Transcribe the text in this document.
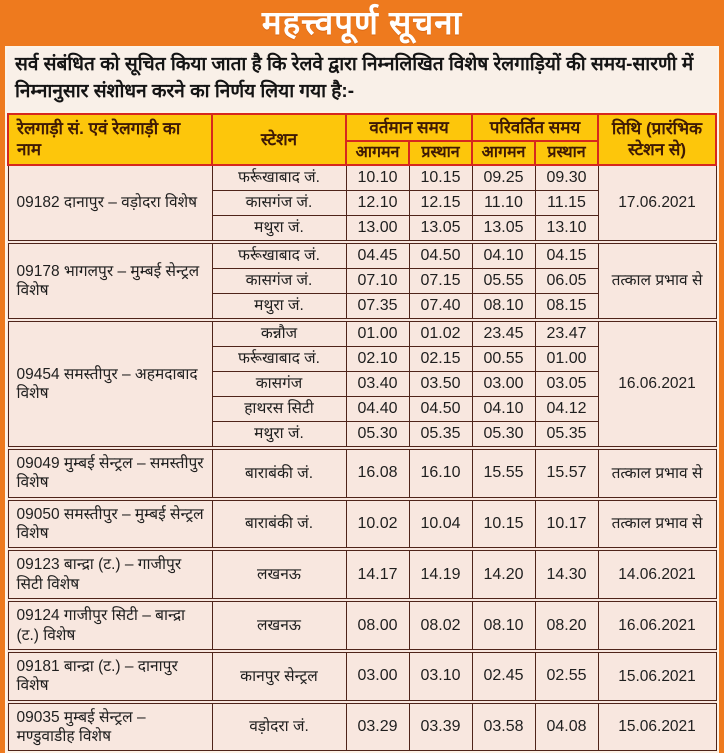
महत्त्वपूर्ण सूचना
सर्व संबंधित को सूचित किया जाता है कि रेलवे द्वारा निम्नलिखित विशेष रेलगाड़ियों की समय-सारणी में निम्नानुसार संशोधन करने का निर्णय लिया गया है:-
रेलगाड़ी सं. एवं रेलगाड़ी का नाम	स्टेशन	वर्तमान समय		परिवर्तित समय		तिथि (प्रारंभिक स्टेशन से)
		आगमन	प्रस्थान	आगमन	प्रस्थान	
09182 दानापुर – वड़ोदरा विशेष	फर्रूखाबाद जं.	10.10	10.15	09.25	09.30	17.06.2021
	कासगंज जं.	12.10	12.15	11.10	11.15	
	मथुरा जं.	13.00	13.05	13.05	13.10	
09178 भागलपुर – मुम्बई सेन्ट्रल विशेष	फर्रूखाबाद जं.	04.45	04.50	04.10	04.15	तत्काल प्रभाव से
	कासगंज जं.	07.10	07.15	05.55	06.05	
	मथुरा जं.	07.35	07.40	08.10	08.15	
09454 समस्तीपुर – अहमदाबाद विशेष	कन्नौज	01.00	01.02	23.45	23.47	16.06.2021
	फर्रूखाबाद जं.	02.10	02.15	00.55	01.00	
	कासगंज	03.40	03.50	03.00	03.05	
	हाथरस सिटी	04.40	04.50	04.10	04.12	
	मथुरा जं.	05.30	05.35	05.30	05.35	
09049 मुम्बई सेन्ट्रल – समस्तीपुर विशेष	बाराबंकी जं.	16.08	16.10	15.55	15.57	तत्काल प्रभाव से
09050 समस्तीपुर – मुम्बई सेन्ट्रल विशेष	बाराबंकी जं.	10.02	10.04	10.15	10.17	तत्काल प्रभाव से
09123 बान्द्रा (ट.) – गाजीपुर सिटी विशेष	लखनऊ	14.17	14.19	14.20	14.30	14.06.2021
09124 गाजीपुर सिटी – बान्द्रा (ट.) विशेष	लखनऊ	08.00	08.02	08.10	08.20	16.06.2021
09181 बान्द्रा (ट.) – दानापुर विशेष	कानपुर सेन्ट्रल	03.00	03.10	02.45	02.55	15.06.2021
09035 मुम्बई सेन्ट्रल – मण्डुवाडीह विशेष	वड़ोदरा जं.	03.29	03.39	03.58	04.08	15.06.2021
